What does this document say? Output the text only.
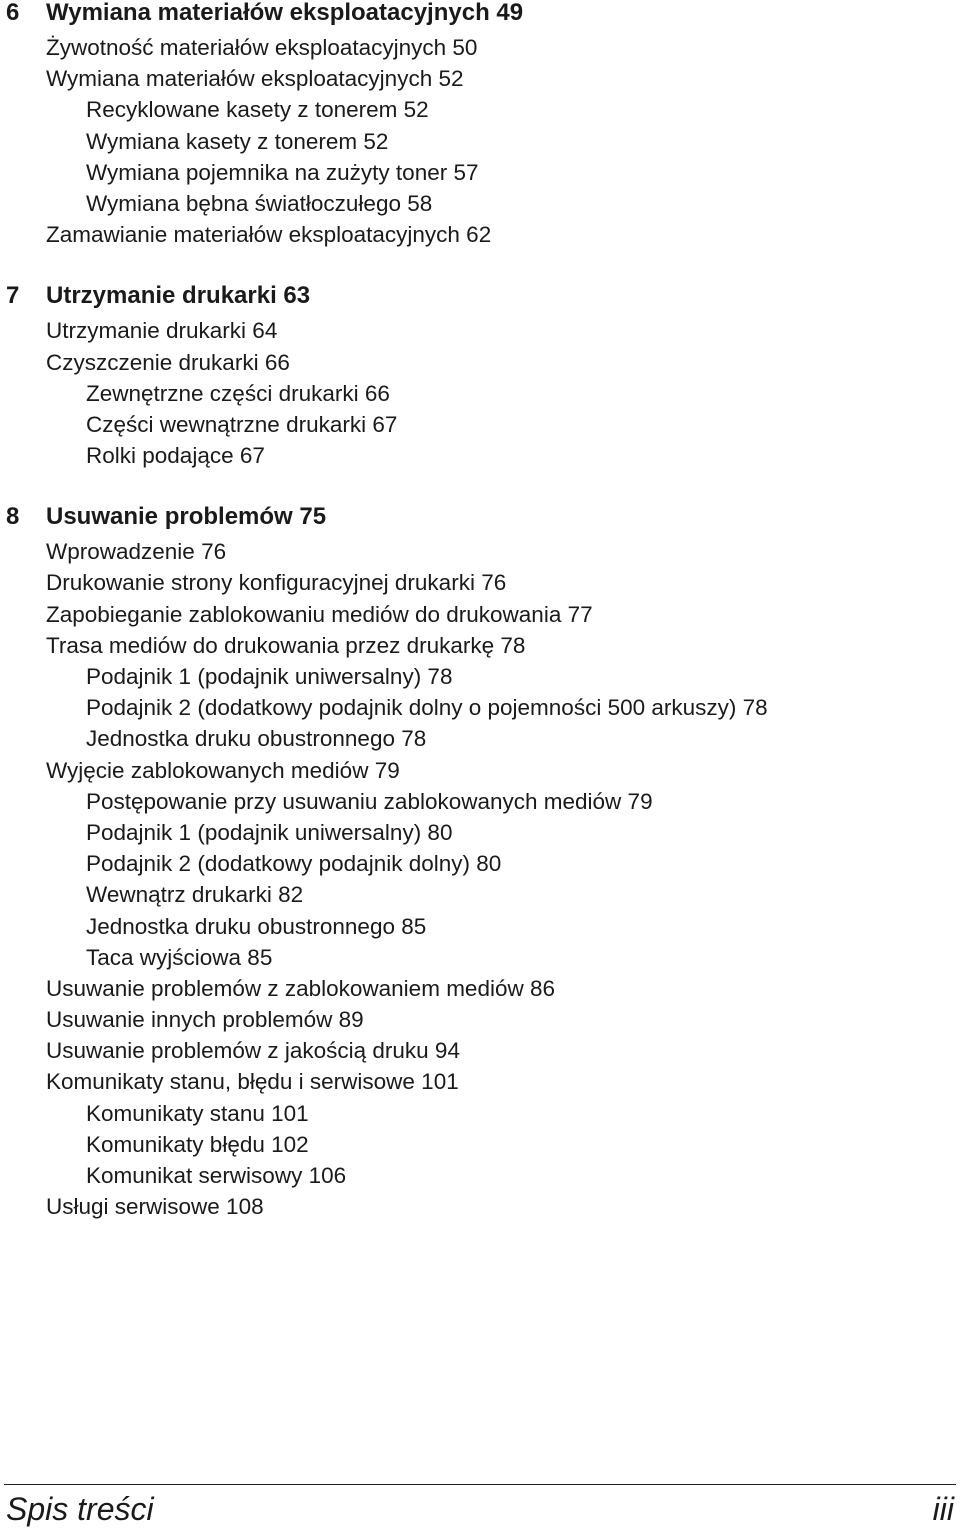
6 Wymiana materiałów eksploatacyjnych 49
Żywotność materiałów eksploatacyjnych 50
Wymiana materiałów eksploatacyjnych 52
Recyklowane kasety z tonerem 52
Wymiana kasety z tonerem 52
Wymiana pojemnika na zużyty toner 57
Wymiana bębna światłoczułego 58
Zamawianie materiałów eksploatacyjnych 62
7 Utrzymanie drukarki 63
Utrzymanie drukarki 64
Czyszczenie drukarki 66
Zewnętrzne części drukarki 66
Części wewnątrzne drukarki 67
Rolki podające 67
8 Usuwanie problemów 75
Wprowadzenie 76
Drukowanie strony konfiguracyjnej drukarki 76
Zapobieganie zablokowaniu mediów do drukowania 77
Trasa mediów do drukowania przez drukarkę 78
Podajnik 1 (podajnik uniwersalny) 78
Podajnik 2 (dodatkowy podajnik dolny o pojemności 500 arkuszy) 78
Jednostka druku obustronnego 78
Wyjęcie zablokowanych mediów 79
Postępowanie przy usuwaniu zablokowanych mediów 79
Podajnik 1 (podajnik uniwersalny) 80
Podajnik 2 (dodatkowy podajnik dolny) 80
Wewnątrz drukarki 82
Jednostka druku obustronnego 85
Taca wyjściowa 85
Usuwanie problemów z zablokowaniem mediów 86
Usuwanie innych problemów 89
Usuwanie problemów z jakością druku 94
Komunikaty stanu, błędu i serwisowe 101
Komunikaty stanu 101
Komunikaty błędu 102
Komunikat serwisowy 106
Usługi serwisowe 108
Spis treści	iii
